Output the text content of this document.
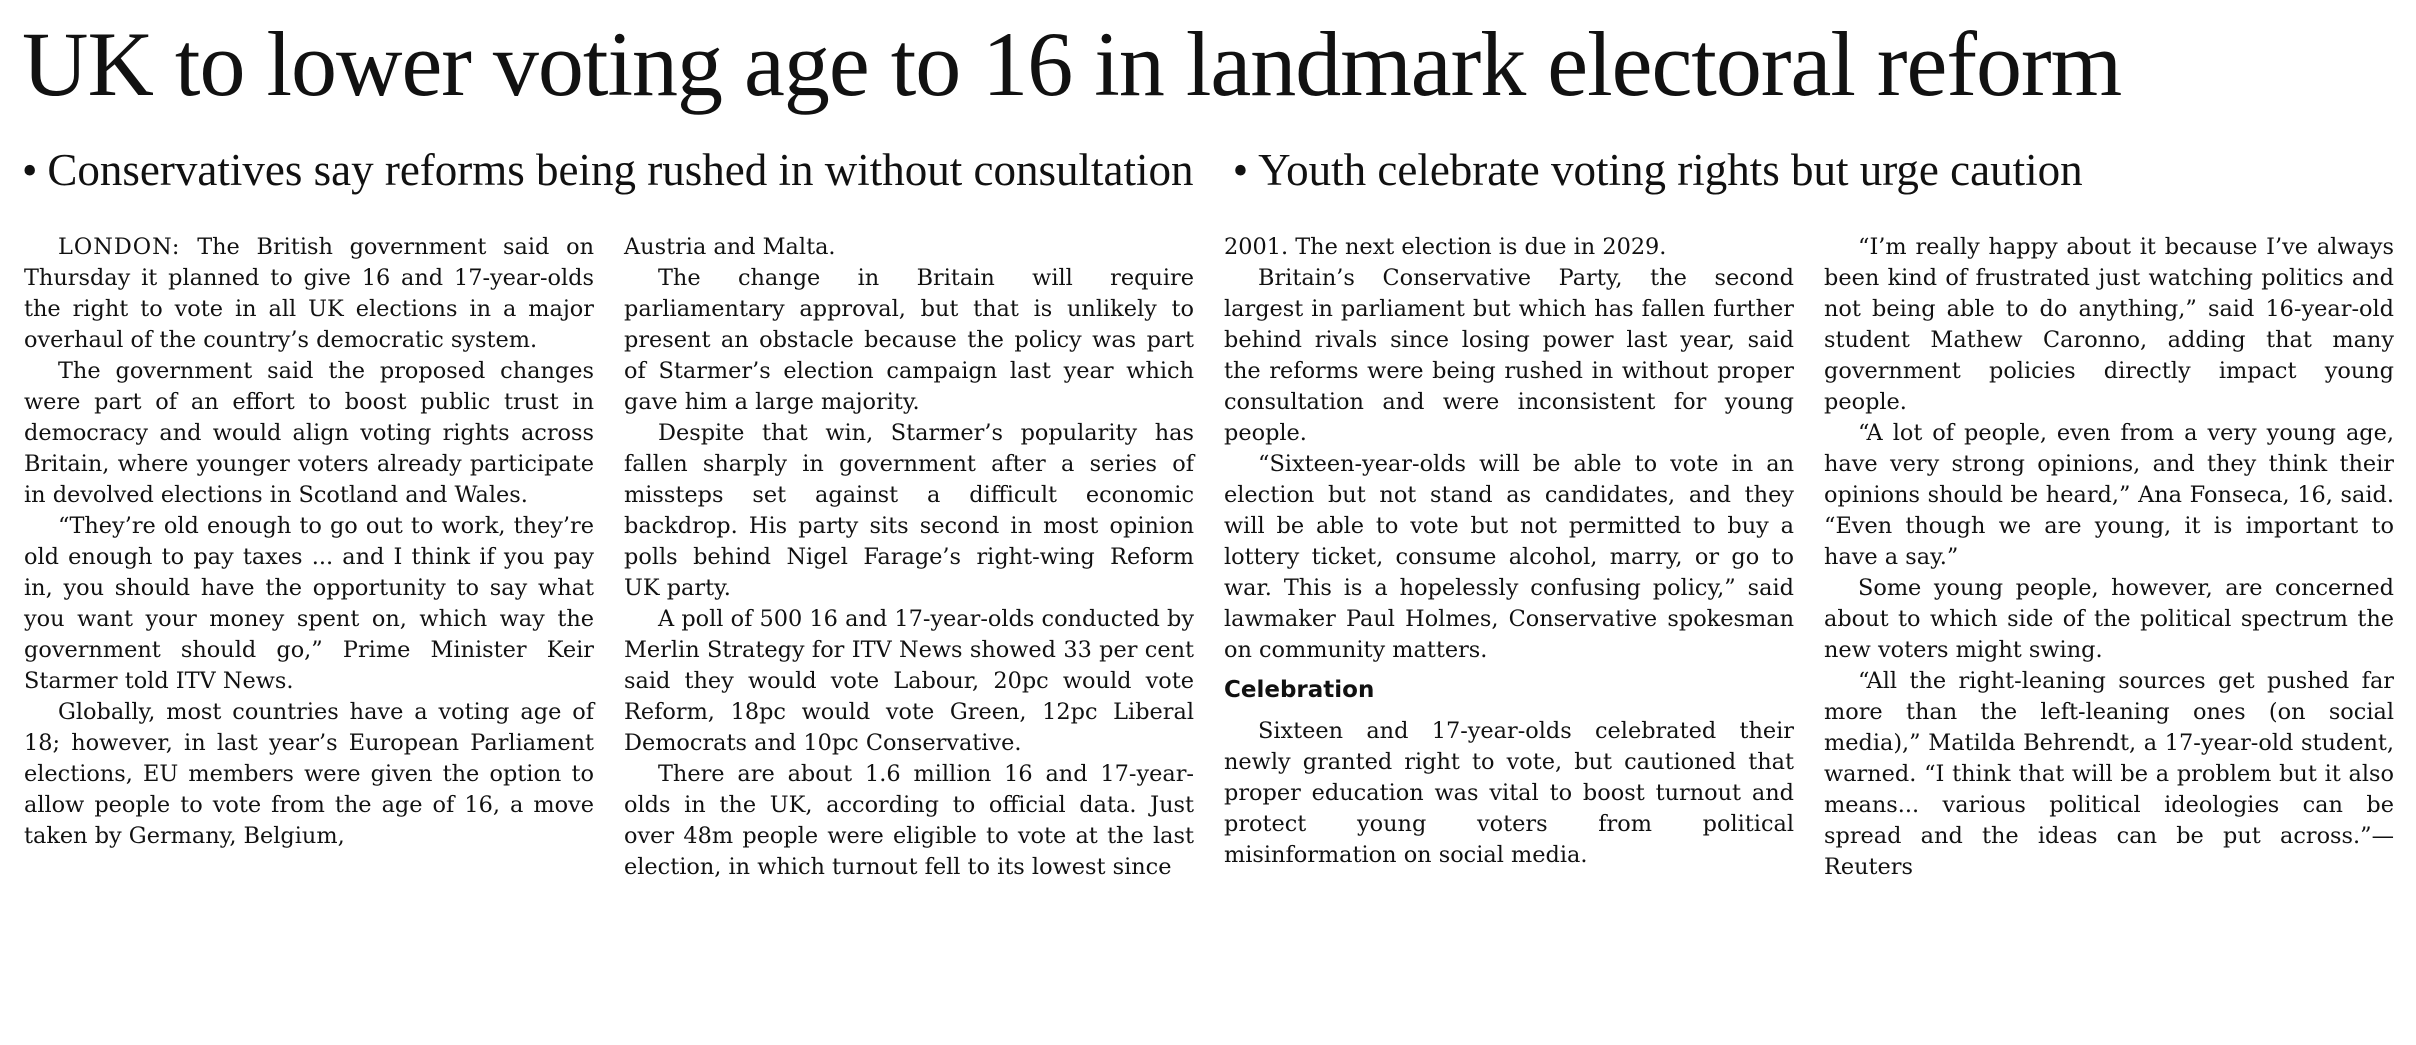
UK to lower voting age to 16 in landmark electoral reform
• Conservatives say reforms being rushed in without consultation • Youth celebrate voting rights but urge caution

LONDON: The British government said on Thursday it planned to give 16 and 17-year-olds the right to vote in all UK elections in a major overhaul of the country’s democratic system.

The government said the proposed changes were part of an effort to boost public trust in democracy and would align voting rights across Britain, where younger voters already participate in devolved elections in Scotland and Wales.

“They’re old enough to go out to work, they’re old enough to pay taxes ... and I think if you pay in, you should have the opportunity to say what you want your money spent on, which way the government should go,” Prime Minister Keir Starmer told ITV News.

Globally, most countries have a voting age of 18; however, in last year’s European Parliament elections, EU members were given the option to allow people to vote from the age of 16, a move taken by Germany, Belgium,

Austria and Malta.

The change in Britain will require parliamentary approval, but that is unlikely to present an obstacle because the policy was part of Starmer’s election campaign last year which gave him a large majority.

Despite that win, Starmer’s popularity has fallen sharply in government after a series of missteps set against a difficult economic backdrop. His party sits second in most opinion polls behind Nigel Farage’s right-wing Reform UK party.

A poll of 500 16 and 17-year-olds conducted by Merlin Strategy for ITV News showed 33 per cent said they would vote Labour, 20pc would vote Reform, 18pc would vote Green, 12pc Liberal Democrats and 10pc Conservative.

There are about 1.6 million 16 and 17-year-olds in the UK, according to official data. Just over 48m people were eligible to vote at the last election, in which turnout fell to its lowest since

2001. The next election is due in 2029.

Britain’s Conservative Party, the second largest in parliament but which has fallen further behind rivals since losing power last year, said the reforms were being rushed in without proper consultation and were inconsistent for young people.

“Sixteen-year-olds will be able to vote in an election but not stand as candidates, and they will be able to vote but not permitted to buy a lottery ticket, consume alcohol, marry, or go to war. This is a hopelessly confusing policy,” said lawmaker Paul Holmes, Conservative spokesman on community matters.

Celebration

Sixteen and 17-year-olds celebrated their newly granted right to vote, but cautioned that proper education was vital to boost turnout and protect young voters from political misinformation on social media.

“I’m really happy about it because I’ve always been kind of frustrated just watching politics and not being able to do anything,” said 16-year-old student Mathew Caronno, adding that many government policies directly impact young people.

“A lot of people, even from a very young age, have very strong opinions, and they think their opinions should be heard,” Ana Fonseca, 16, said. “Even though we are young, it is important to have a say.”

Some young people, however, are concerned about to which side of the political spectrum the new voters might swing.

“All the right-leaning sources get pushed far more than the left-leaning ones (on social media),” Matilda Behrendt, a 17-year-old student, warned. “I think that will be a problem but it also means... various political ideologies can be spread and the ideas can be put across.”—Reuters
